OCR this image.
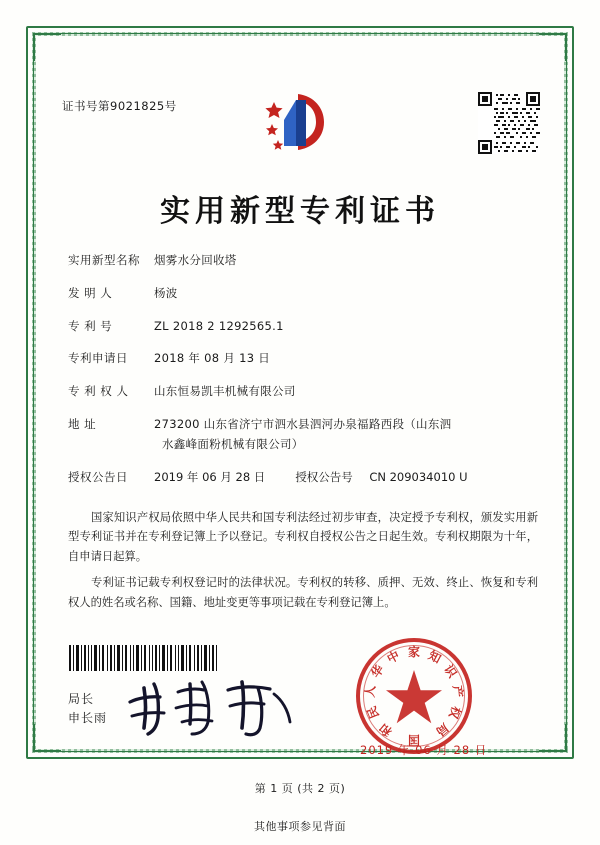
证书号第9021825号
实用新型专利证书
实用新型名称	烟雾水分回收塔
发 明 人	杨波
专 利 号	ZL 2018 2 1292565.1
专利申请日	2018 年 08 月 13 日
专 利 权 人	山东恒易凯丰机械有限公司
地 址	273200 山东省济宁市泗水县泗河办泉福路西段（山东泗
水鑫峰面粉机械有限公司）
授权公告日	2019 年 06 月 28 日	授权公告号	CN 209034010 U

国家知识产权局依照中华人民共和国专利法经过初步审查，决定授予专利权，颁发实用新型专利证书并在专利登记簿上予以登记。专利权自授权公告之日起生效。专利权期限为十年，自申请日起算。

专利证书记载专利权登记时的法律状况。专利权的转移、质押、无效、终止、恢复和专利权人的姓名或名称、国籍、地址变更等事项记载在专利登记簿上。

局长
申长雨
家 知
识
产
权
局
国
和
民
人
华
中
2019 年 06 月 28 日
第 1 页 (共 2 页)
其他事项参见背面
